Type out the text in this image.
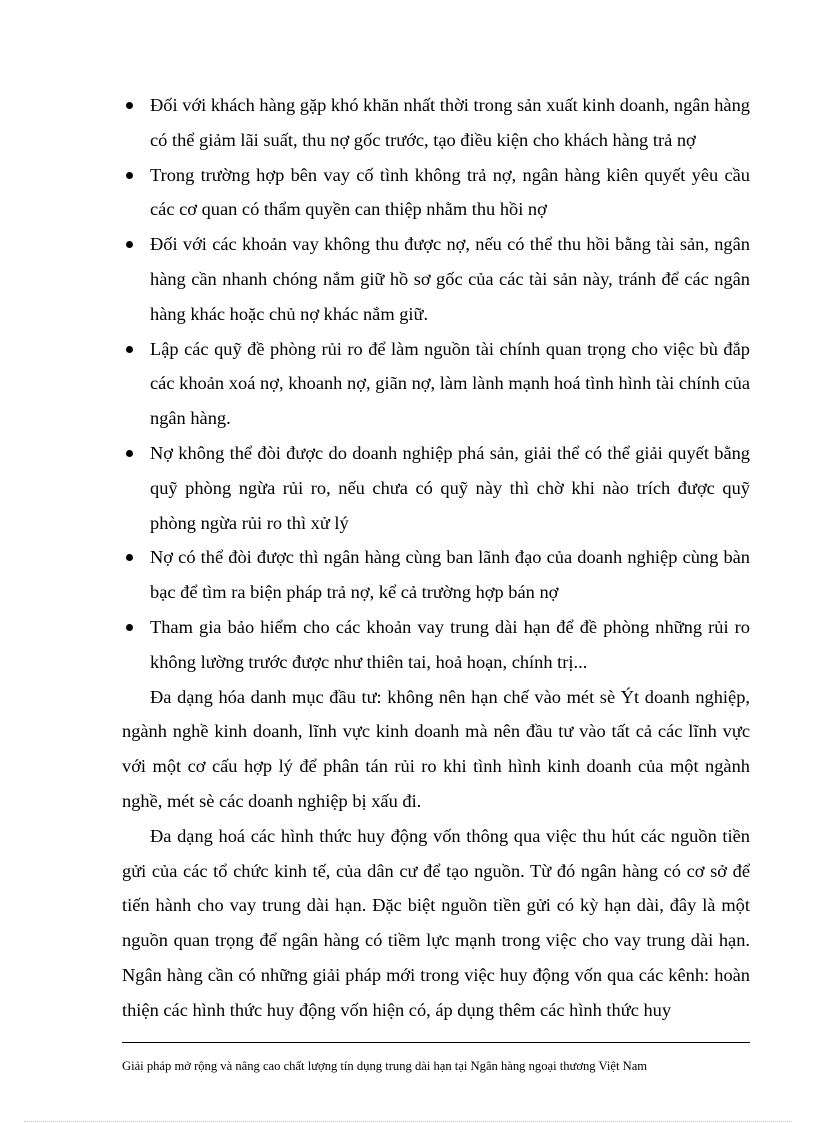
Đối với khách hàng gặp khó khăn nhất thời trong sản xuất kinh doanh, ngân hàng có thể giảm lãi suất, thu nợ gốc trước, tạo điều kiện cho khách hàng trả nợ
Trong trường hợp bên vay cố tình không trả nợ, ngân hàng kiên quyết yêu cầu các cơ quan có thẩm quyền can thiệp nhằm thu hồi nợ
Đối với các khoản vay không thu được nợ, nếu có thể thu hồi bằng tài sản, ngân hàng cần nhanh chóng nắm giữ hồ sơ gốc của các tài sản này, tránh để các ngân hàng khác hoặc chủ nợ khác nắm giữ.
Lập các quỹ đề phòng rủi ro để làm nguồn tài chính quan trọng cho việc bù đắp các khoản xoá nợ, khoanh nợ, giãn nợ, làm lành mạnh hoá tình hình tài chính của ngân hàng.
Nợ không thể đòi được do doanh nghiệp phá sản, giải thể có thể giải quyết bằng quỹ phòng ngừa rủi ro, nếu chưa có quỹ này thì chờ khi nào trích được quỹ phòng ngừa rủi ro thì xử lý
Nợ có thể đòi được thì ngân hàng cùng ban lãnh đạo của doanh nghiệp cùng bàn bạc để tìm ra biện pháp trả nợ, kể cả trường hợp bán nợ
Tham gia bảo hiểm cho các khoản vay trung dài hạn để đề phòng những rủi ro không lường trước được như thiên tai, hoả hoạn, chính trị...

Đa dạng hóa danh mục đầu tư: không nên hạn chế vào mét sè Ýt doanh nghiệp, ngành nghề kinh doanh, lĩnh vực kinh doanh mà nên đầu tư vào tất cả các lĩnh vực với một cơ cấu hợp lý để phân tán rủi ro khi tình hình kinh doanh của một ngành nghề, mét sè các doanh nghiệp bị xấu đi.

Đa dạng hoá các hình thức huy động vốn thông qua việc thu hút các nguồn tiền gửi của các tổ chức kinh tế, của dân cư để tạo nguồn. Từ đó ngân hàng có cơ sở để tiến hành cho vay trung dài hạn. Đặc biệt nguồn tiền gửi có kỳ hạn dài, đây là một nguồn quan trọng để ngân hàng có tiềm lực mạnh trong việc cho vay trung dài hạn. Ngân hàng cần có những giải pháp mới trong việc huy động vốn qua các kênh: hoàn thiện các hình thức huy động vốn hiện có, áp dụng thêm các hình thức huy

Giải pháp mở rộng và nâng cao chất lượng tín dụng trung dài hạn tại Ngân hàng ngoại thương Việt Nam
